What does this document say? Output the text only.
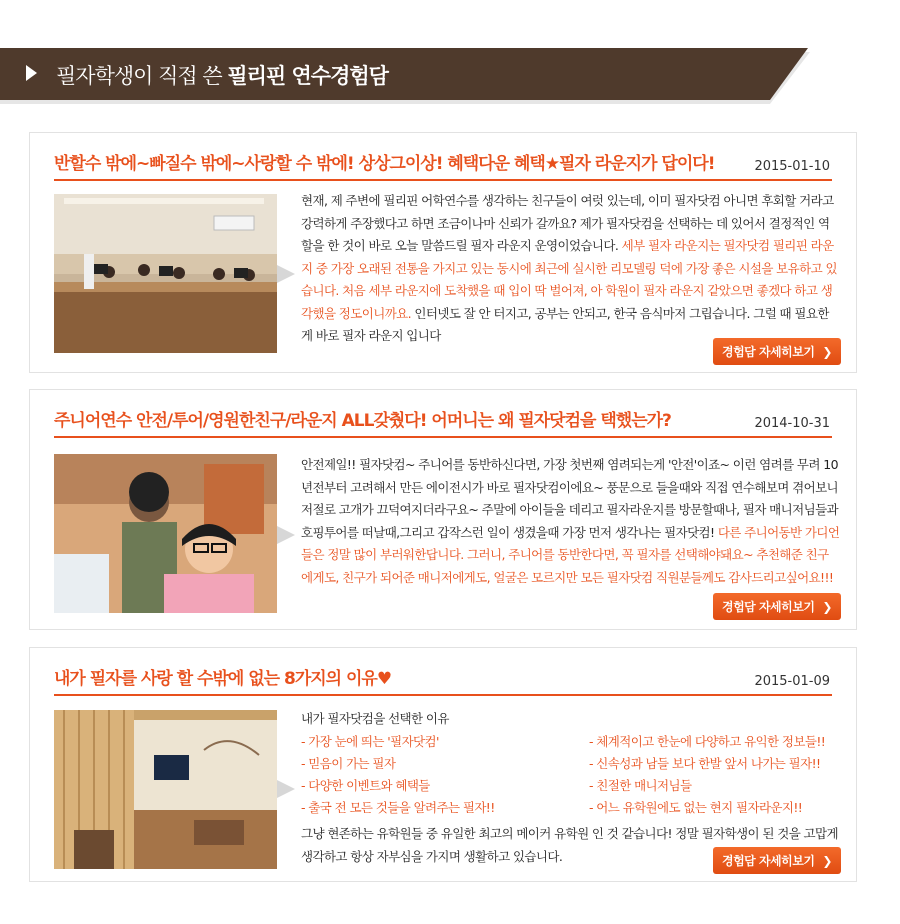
필자학생이 직접 쓴 필리핀 연수경험담
반할수 밖에~빠질수 밖에~사랑할 수 밖에! 상상그이상! 혜택다운 혜택★필자 라운지가 답이다!	2015-01-10
현재, 제 주변에 필리핀 어학연수를 생각하는 친구들이 여럿 있는데, 이미 필자닷컴 아니면 후회할 거라고 강력하게 주장했다고 하면 조금이나마 신뢰가 갈까요? 제가 필자닷컴을 선택하는 데 있어서 결정적인 역할을 한 것이 바로 오늘 말씀드릴 필자 라운지 운영이었습니다. 세부 필자 라운지는 필자닷컴 필리핀 라운지 중 가장 오래된 전통을 가지고 있는 동시에 최근에 실시한 리모델링 덕에 가장 좋은 시설을 보유하고 있습니다. 처음 세부 라운지에 도착했을 때 입이 딱 벌어져, 아 학원이 필자 라운지 같았으면 좋겠다 하고 생각했을 정도이니까요. 인터넷도 잘 안 터지고, 공부는 안되고, 한국 음식마저 그립습니다. 그럴 때 필요한 게 바로 필자 라운지 입니다
경험담 자세히보기 ❯
주니어연수 안전/투어/영원한친구/라운지 ALL갖췄다! 어머니는 왜 필자닷컴을 택했는가?	2014-10-31
안전제일!! 필자닷컴~ 주니어를 동반하신다면, 가장 첫번째 염려되는게 '안전'이죠~ 이런 염려를 무려 10년전부터 고려해서 만든 에이전시가 바로 필자닷컴이에요~ 풍문으로 들을때와 직접 연수해보며 겪어보니 저절로 고개가 끄덕여지더라구요~ 주말에 아이들을 데리고 필자라운지를 방문할때나, 필자 매니저님들과 호핑투어를 떠날때,그리고 갑작스런 일이 생겼을때 가장 먼저 생각나는 필자닷컴! 다른 주니어동반 가디언들은 정말 많이 부러워한답니다. 그러니, 주니어를 동반한다면, 꼭 필자를 선택해야돼요~ 추천해준 친구에게도, 친구가 되어준 매니저에게도, 얼굴은 모르지만 모든 필자닷컴 직원분들께도 감사드리고싶어요!!!
경험담 자세히보기 ❯
내가 필자를 사랑 할 수밖에 없는 8가지의 이유♥	2015-01-09
내가 필자닷컴을 선택한 이유
- 가장 눈에 띄는 '필자닷컴'
- 믿음이 가는 필자
- 다양한 이벤트와 혜택들
- 출국 전 모든 것들을 알려주는 필자!!
- 체계적이고 한눈에 다양하고 유익한 정보들!!
- 신속성과 남들 보다 한발 앞서 나가는 필자!!
- 친절한 매니저님들
- 어느 유학원에도 없는 현지 필자라운지!!
그냥 현존하는 유학원들 중 유일한 최고의 메이커 유학원 인 것 같습니다! 정말 필자학생이 된 것을 고맙게 생각하고 항상 자부심을 가지며 생활하고 있습니다.	경험담 자세히보기 ❯
